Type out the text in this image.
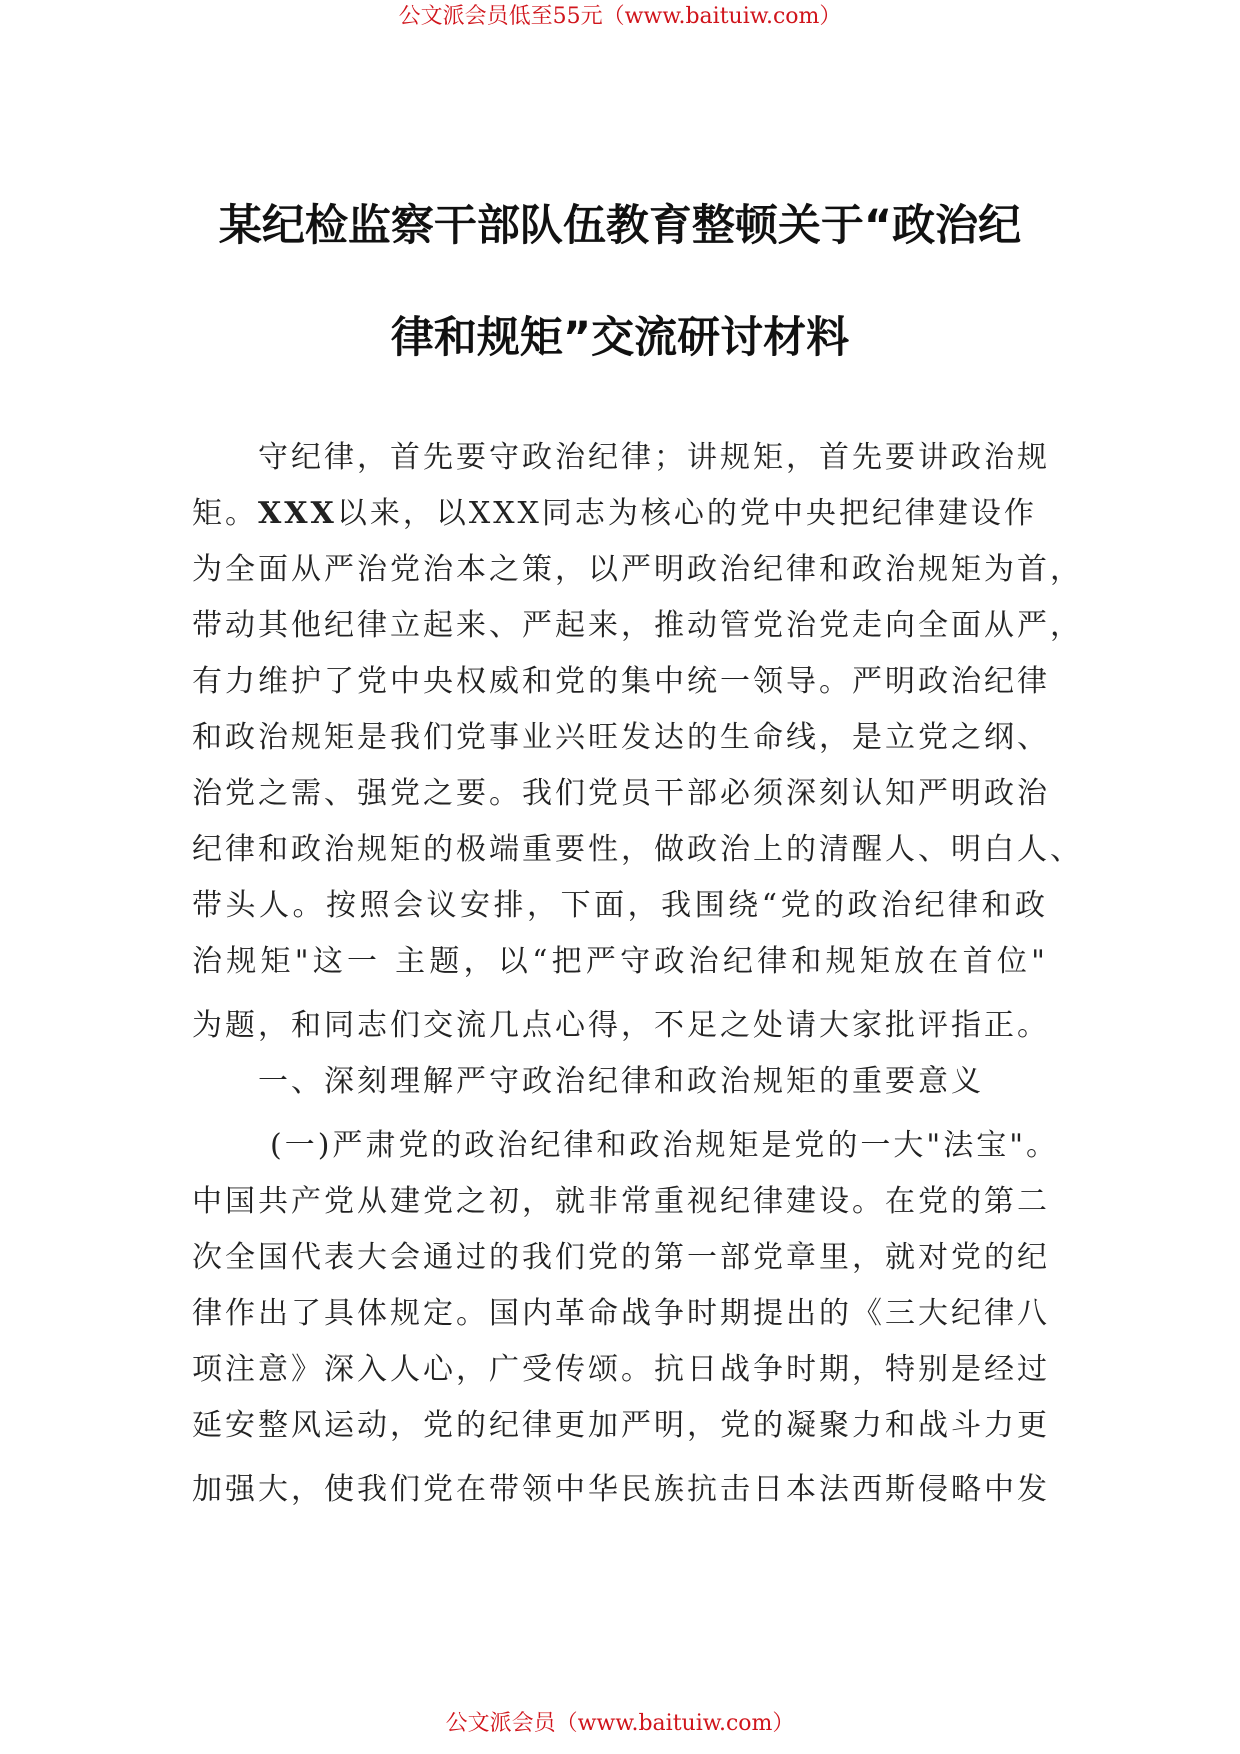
公文派会员低至55元（www.baituiw.com）
某纪检监察干部队伍教育整顿关于“政治纪
律和规矩”交流研讨材料
守纪律，首先要守政治纪律；讲规矩，首先要讲政治规
矩。XXX以来，以XXX同志为核心的党中央把纪律建设作
为全面从严治党治本之策，以严明政治纪律和政治规矩为首，
带动其他纪律立起来、严起来，推动管党治党走向全面从严，
有力维护了党中央权威和党的集中统一领导。严明政治纪律
和政治规矩是我们党事业兴旺发达的生命线，是立党之纲、
治党之需、强党之要。我们党员干部必须深刻认知严明政治
纪律和政治规矩的极端重要性，做政治上的清醒人、明白人、
带头人。按照会议安排，下面，我围绕“党的政治纪律和政
治规矩"这一 主题，以“把严守政治纪律和规矩放在首位"
为题，和同志们交流几点心得，不足之处请大家批评指正。
一、深刻理解严守政治纪律和政治规矩的重要意义
(一)严肃党的政治纪律和政治规矩是党的一大"法宝"。
中国共产党从建党之初，就非常重视纪律建设。在党的第二
次全国代表大会通过的我们党的第一部党章里，就对党的纪
律作出了具体规定。国内革命战争时期提出的《三大纪律八
项注意》深入人心，广受传颂。抗日战争时期，特别是经过
延安整风运动，党的纪律更加严明，党的凝聚力和战斗力更
加强大，使我们党在带领中华民族抗击日本法西斯侵略中发
公文派会员（www.baituiw.com）
